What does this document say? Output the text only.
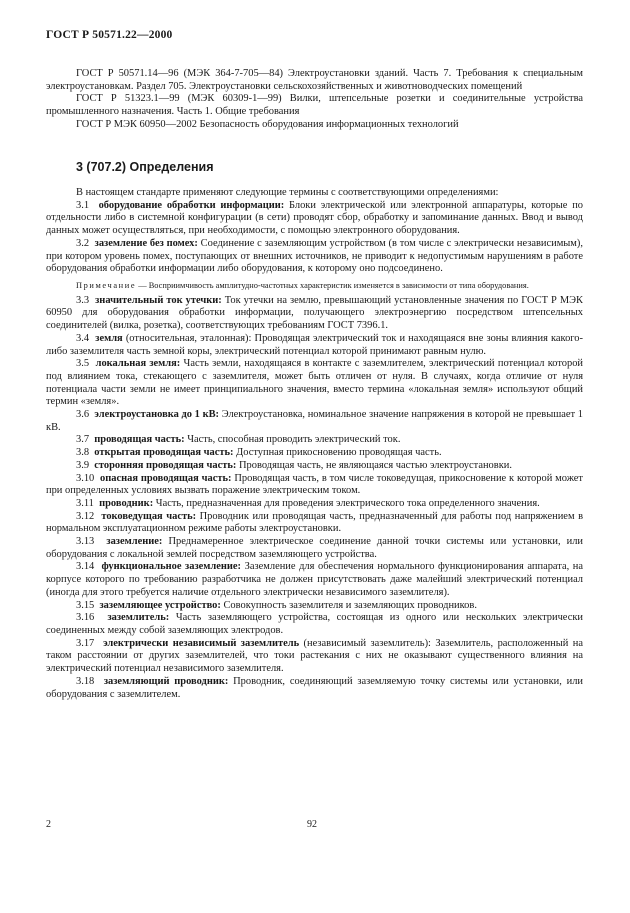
ГОСТ Р 50571.22—2000

ГОСТ Р 50571.14—96 (МЭК 364-7-705—84) Электроустановки зданий. Часть 7. Требования к специальным электроустановкам. Раздел 705. Электроустановки сельскохозяйственных и животноводческих помещений

ГОСТ Р 51323.1—99 (МЭК 60309-1—99) Вилки, штепсельные розетки и соединительные устройства промышленного назначения. Часть 1. Общие требования

ГОСТ Р МЭК 60950—2002 Безопасность оборудования информационных технологий

3 (707.2) Определения

В настоящем стандарте применяют следующие термины с соответствующими определениями:

3.1 оборудование обработки информации: Блоки электрической или электронной аппаратуры, которые по отдельности либо в системной конфигурации (в сети) проводят сбор, обработку и запоминание данных. Ввод и вывод данных может осуществляться, при необходимости, с помощью электронного оборудования.

3.2 заземление без помех: Соединение с заземляющим устройством (в том числе с электрически независимым), при котором уровень помех, поступающих от внешних источников, не приводит к недопустимым нарушениям в работе оборудования обработки информации либо оборудования, к которому оно подсоединено.

Примечание — Восприимчивость амплитудно-частотных характеристик изменяется в зависимости от типа оборудования.

3.3 значительный ток утечки: Ток утечки на землю, превышающий установленные значения по ГОСТ Р МЭК 60950 для оборудования обработки информации, получающего электроэнергию посредством штепсельных соединителей (вилка, розетка), соответствующих требованиям ГОСТ 7396.1.

3.4 земля (относительная, эталонная): Проводящая электрический ток и находящаяся вне зоны влияния какого-либо заземлителя часть земной коры, электрический потенциал которой принимают равным нулю.

3.5 локальная земля: Часть земли, находящаяся в контакте с заземлителем, электрический потенциал которой под влиянием тока, стекающего с заземлителя, может быть отличен от нуля. В случаях, когда отличие от нуля потенциала части земли не имеет принципиального значения, вместо термина «локальная земля» используют общий термин «земля».

3.6 электроустановка до 1 кВ: Электроустановка, номинальное значение напряжения в которой не превышает 1 кВ.

3.7 проводящая часть: Часть, способная проводить электрический ток.

3.8 открытая проводящая часть: Доступная прикосновению проводящая часть.

3.9 сторонняя проводящая часть: Проводящая часть, не являющаяся частью электроустановки.

3.10 опасная проводящая часть: Проводящая часть, в том числе токоведущая, прикосновение к которой может при определенных условиях вызвать поражение электрическим током.

3.11 проводник: Часть, предназначенная для проведения электрического тока определенного значения.

3.12 токоведущая часть: Проводник или проводящая часть, предназначенный для работы под напряжением в нормальном эксплуатационном режиме работы электроустановки.

3.13 заземление: Преднамеренное электрическое соединение данной точки системы или установки, или оборудования с локальной землей посредством заземляющего устройства.

3.14 функциональное заземление: Заземление для обеспечения нормального функционирования аппарата, на корпусе которого по требованию разработчика не должен присутствовать даже малейший электрический потенциал (иногда для этого требуется наличие отдельного электрически независимого заземлителя).

3.15 заземляющее устройство: Совокупность заземлителя и заземляющих проводников.

3.16 заземлитель: Часть заземляющего устройства, состоящая из одного или нескольких электрически соединенных между собой заземляющих электродов.

3.17 электрически независимый заземлитель (независимый заземлитель): Заземлитель, расположенный на таком расстоянии от других заземлителей, что токи растекания с них не оказывают существенного влияния на электрический потенциал независимого заземлителя.

3.18 заземляющий проводник: Проводник, соединяющий заземляемую точку системы или установки, или оборудования с заземлителем.

2	92
